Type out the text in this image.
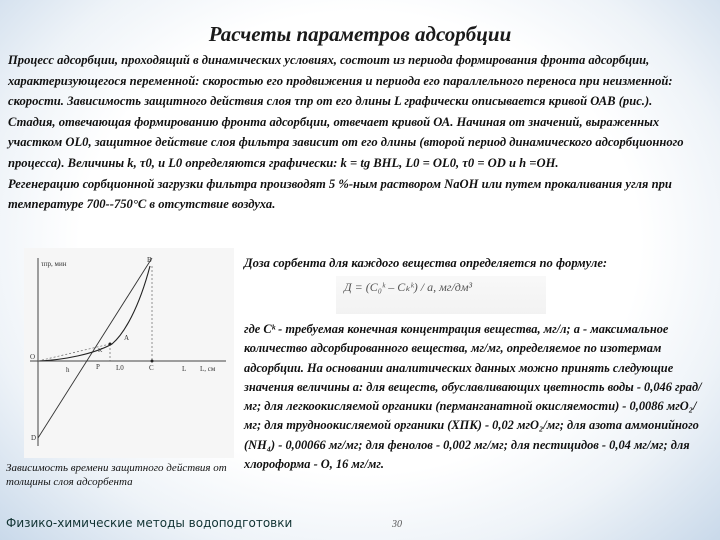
Расчеты параметров адсорбции

Процесс адсорбции, проходящий в динамических условиях, состоит из периода формирования фронта адсорбции, характеризующегося переменной: скоростью его продвижения и периода его параллельного переноса при неизменной: скорости. Зависимость защитного действия слоя τпр от его длины L графически описывается кривой ОАВ (рис.).

Стадия, отвечающая формированию фронта адсорбции, отвечает кривой ОА. Начиная от значений, выраженных участком OL0, защитное действие слоя фильтра зависит от его длины (второй период динамического адсорбционного процесса). Величины k, τ0, и L0 определяются графически: k = tg BHL, L0 = OL0, τ0 = OD и h =OH.

Регенерацию сорбционной загрузки фильтра производят 5 %-ным раствором NaOH или путем прокаливания угля при температуре 700--750°С в отсутствие воздуха.

Доза сорбента для каждого вещества определяется по формуле:
Д = (C₀ᵏ – Cₖᵏ) / a, мг/дм³
где Сᵏ - требуемая конечная концентрация вещества, мг/л; а - максимальное количество адсорбированного вещества, мг/мг, определяемое по изотермам адсорбции. На основании аналитических данных можно принять следующие значения величины а: для веществ, обуславливающих цветность воды - 0,046 град/мг; для легкоокисляемой органики (перманганатной окисляемости) - 0,0086 мгO₂/мг; для трудноокисляемой органики (ХПК) - 0,02 мгO₂/мг; для азота аммонийного (NH₄) - 0,00066 мг/мг; для фенолов - 0,002 мг/мг; для пестицидов - 0,04 мг/мг; для хлороформа - O, 16 мг/мг.
τпр, мин
L, см
B
A
O
P L0	C	L
D
h
K
Зависимость времени защитного действия от толщины слоя адсорбента
Физико-химические методы водоподготовки	30
